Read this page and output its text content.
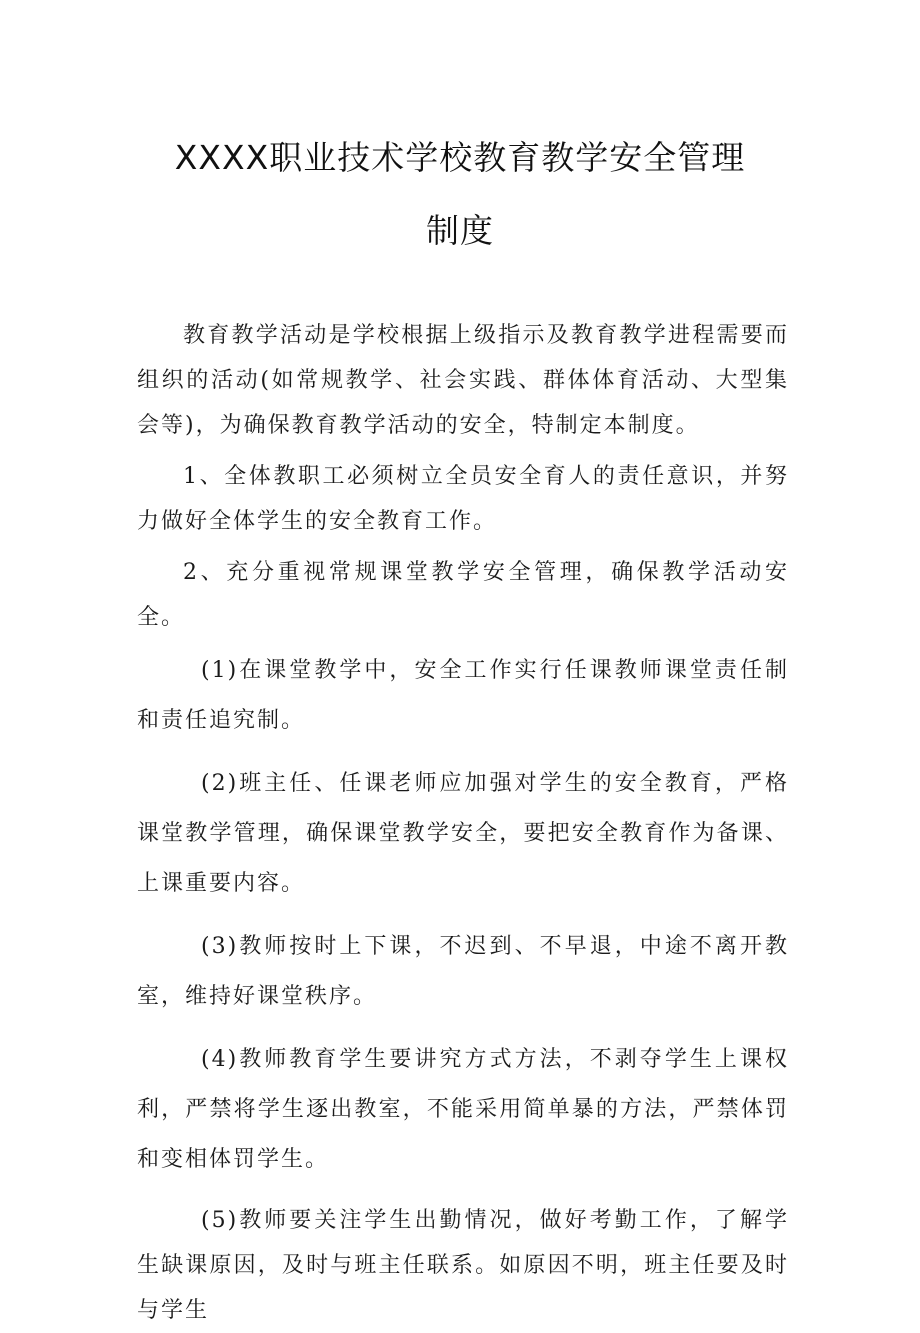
XXXX职业技术学校教育教学安全管理
制度

教育教学活动是学校根据上级指示及教育教学进程需要而组织的活动(如常规教学、社会实践、群体体育活动、大型集会等)，为确保教育教学活动的安全，特制定本制度。

1、全体教职工必须树立全员安全育人的责任意识，并努力做好全体学生的安全教育工作。

2、充分重视常规课堂教学安全管理，确保教学活动安全。

(1)在课堂教学中，安全工作实行任课教师课堂责任制和责任追究制。

(2)班主任、任课老师应加强对学生的安全教育，严格课堂教学管理，确保课堂教学安全，要把安全教育作为备课、上课重要内容。

(3)教师按时上下课，不迟到、不早退，中途不离开教室，维持好课堂秩序。

(4)教师教育学生要讲究方式方法，不剥夺学生上课权利，严禁将学生逐出教室，不能采用简单暴的方法，严禁体罚和变相体罚学生。

(5)教师要关注学生出勤情况，做好考勤工作，了解学生缺课原因，及时与班主任联系。如原因不明，班主任要及时与学生
